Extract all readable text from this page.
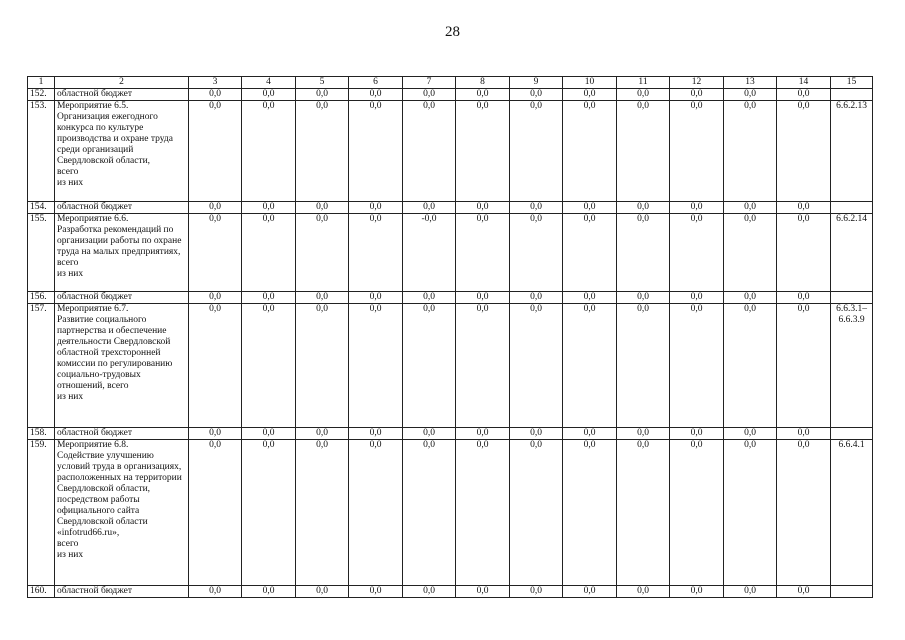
28
1	2	3	4	5	6	7	8	9	10	11	12	13	14	15
152.	областной бюджет	0,0	0,0	0,0	0,0	0,0	0,0	0,0	0,0	0,0	0,0	0,0	0,0	
153.	Мероприятие 6.5.
Организация ежегодного конкурса по культуре производства и охране труда среди организаций Свердловской области,
всего
из них	0,0	0,0	0,0	0,0	0,0	0,0	0,0	0,0	0,0	0,0	0,0	0,0	6.6.2.13
154.	областной бюджет	0,0	0,0	0,0	0,0	0,0	0,0	0,0	0,0	0,0	0,0	0,0	0,0	
155.	Мероприятие 6.6.
Разработка рекомендаций по организации работы по охране труда на малых предприятиях, всего
из них	0,0	0,0	0,0	0,0	-0,0	0,0	0,0	0,0	0,0	0,0	0,0	0,0	6.6.2.14
156.	областной бюджет	0,0	0,0	0,0	0,0	0,0	0,0	0,0	0,0	0,0	0,0	0,0	0,0	
157.	Мероприятие 6.7.
Развитие социального партнерства и обеспечение деятельности Свердловской областной трехсторонней комиссии по регулированию социально-трудовых отношений, всего
из них	0,0	0,0	0,0	0,0	0,0	0,0	0,0	0,0	0,0	0,0	0,0	0,0	6.6.3.1–
6.6.3.9
158.	областной бюджет	0,0	0,0	0,0	0,0	0,0	0,0	0,0	0,0	0,0	0,0	0,0	0,0	
159.	Мероприятие 6.8.
Содействие улучшению условий труда в организациях, расположенных на территории Свердловской области, посредством работы официального сайта Свердловской области «infotrud66.ru»,
всего
из них	0,0	0,0	0,0	0,0	0,0	0,0	0,0	0,0	0,0	0,0	0,0	0,0	6.6.4.1
160.	областной бюджет	0,0	0,0	0,0	0,0	0,0	0,0	0,0	0,0	0,0	0,0	0,0	0,0	
